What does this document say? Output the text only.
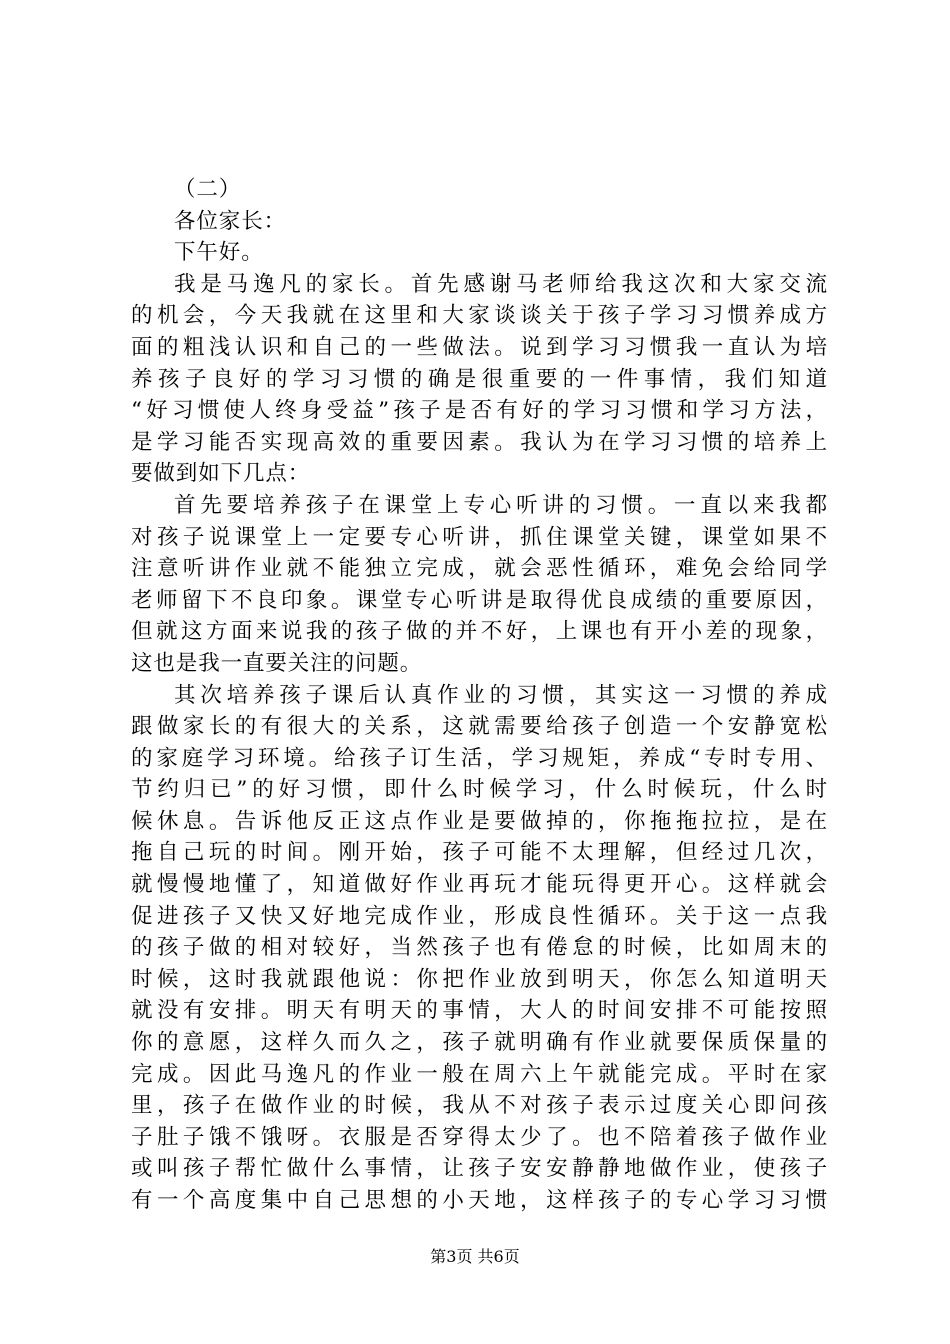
（二）

各位家长：

下午好。

我是马逸凡的家长。首先感谢马老师给我这次和大家交流
的机会，今天我就在这里和大家谈谈关于孩子学习习惯养成方
面的粗浅认识和自己的一些做法。说到学习习惯我一直认为培
养孩子良好的学习习惯的确是很重要的一件事情，我们知道
“好习惯使人终身受益”孩子是否有好的学习习惯和学习方法，
是学习能否实现高效的重要因素。我认为在学习习惯的培养上
要做到如下几点：

首先要培养孩子在课堂上专心听讲的习惯。一直以来我都
对孩子说课堂上一定要专心听讲，抓住课堂关键，课堂如果不
注意听讲作业就不能独立完成，就会恶性循环，难免会给同学
老师留下不良印象。课堂专心听讲是取得优良成绩的重要原因，
但就这方面来说我的孩子做的并不好，上课也有开小差的现象，
这也是我一直要关注的问题。

其次培养孩子课后认真作业的习惯，其实这一习惯的养成
跟做家长的有很大的关系，这就需要给孩子创造一个安静宽松
的家庭学习环境。给孩子订生活，学习规矩，养成“专时专用、
节约归已”的好习惯，即什么时候学习，什么时候玩，什么时
候休息。告诉他反正这点作业是要做掉的，你拖拖拉拉，是在
拖自己玩的时间。刚开始，孩子可能不太理解，但经过几次，
就慢慢地懂了，知道做好作业再玩才能玩得更开心。这样就会
促进孩子又快又好地完成作业，形成良性循环。关于这一点我
的孩子做的相对较好，当然孩子也有倦怠的时候，比如周末的
时候，这时我就跟他说：你把作业放到明天，你怎么知道明天
就没有安排。明天有明天的事情，大人的时间安排不可能按照
你的意愿，这样久而久之，孩子就明确有作业就要保质保量的
完成。因此马逸凡的作业一般在周六上午就能完成。平时在家
里，孩子在做作业的时候，我从不对孩子表示过度关心即问孩
子肚子饿不饿呀。衣服是否穿得太少了。也不陪着孩子做作业
或叫孩子帮忙做什么事情，让孩子安安静静地做作业，使孩子
有一个高度集中自己思想的小天地，这样孩子的专心学习习惯

第3页 共6页
